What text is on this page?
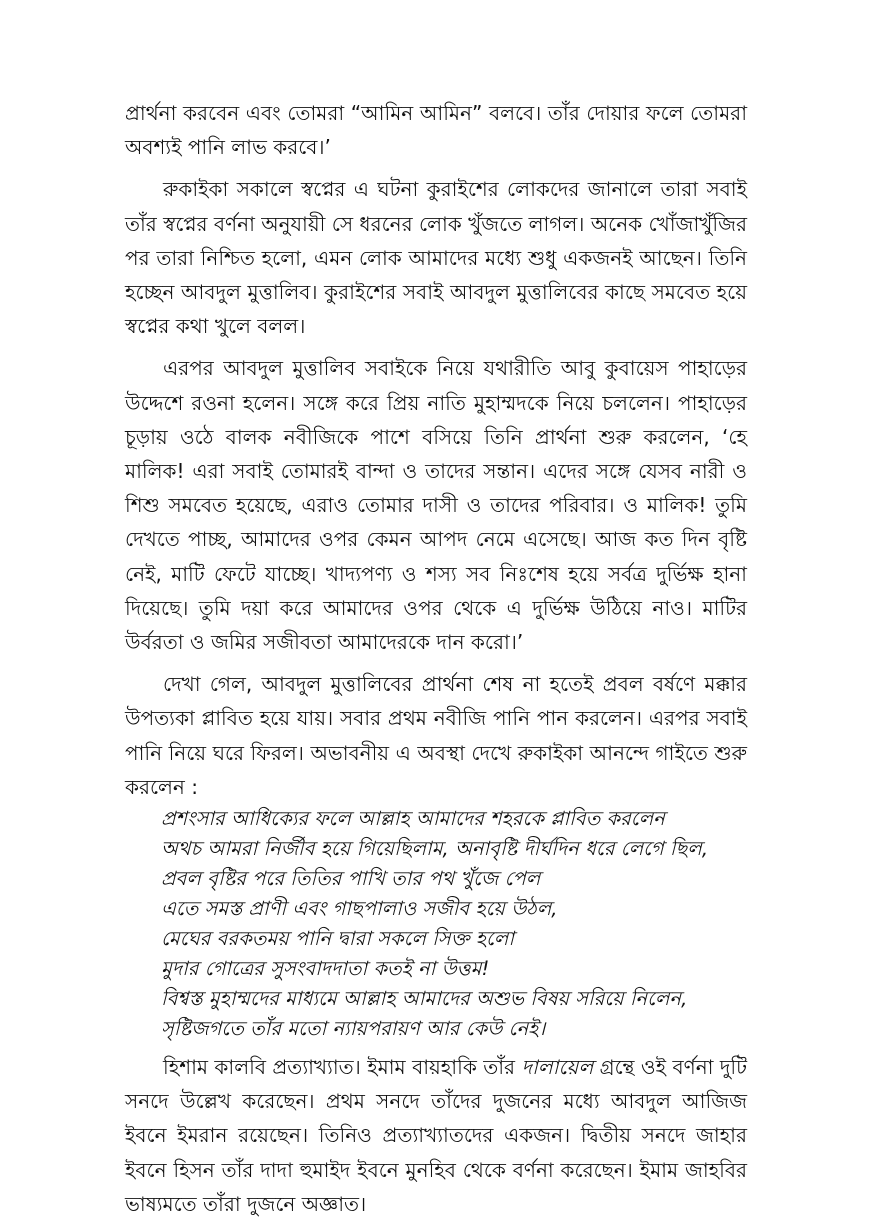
প্রার্থনা করবেন এবং তোমরা “আমিন আমিন” বলবে। তাঁর দোয়ার ফলে তোমরা অবশ্যই পানি লাভ করবে।’

রুকাইকা সকালে স্বপ্নের এ ঘটনা কুরাইশের লোকদের জানালে তারা সবাই তাঁর স্বপ্নের বর্ণনা অনুযায়ী সে ধরনের লোক খুঁজতে লাগল। অনেক খোঁজাখুঁজির পর তারা নিশ্চিত হলো, এমন লোক আমাদের মধ্যে শুধু একজনই আছেন। তিনি হচ্ছেন আবদুল মুত্তালিব। কুরাইশের সবাই আবদুল মুত্তালিবের কাছে সমবেত হয়ে স্বপ্নের কথা খুলে বলল।

এরপর আবদুল মুত্তালিব সবাইকে নিয়ে যথারীতি আবু কুবায়েস পাহাড়ের উদ্দেশে রওনা হলেন। সঙ্গে করে প্রিয় নাতি মুহাম্মদকে নিয়ে চললেন। পাহাড়ের চূড়ায় ওঠে বালক নবীজিকে পাশে বসিয়ে তিনি প্রার্থনা শুরু করলেন, ‘হে মালিক! এরা সবাই তোমারই বান্দা ও তাদের সন্তান। এদের সঙ্গে যেসব নারী ও শিশু সমবেত হয়েছে, এরাও তোমার দাসী ও তাদের পরিবার। ও মালিক! তুমি দেখতে পাচ্ছ, আমাদের ওপর কেমন আপদ নেমে এসেছে। আজ কত দিন বৃষ্টি নেই, মাটি ফেটে যাচ্ছে। খাদ্যপণ্য ও শস্য সব নিঃশেষ হয়ে সর্বত্র দুর্ভিক্ষ হানা দিয়েছে। তুমি দয়া করে আমাদের ওপর থেকে এ দুর্ভিক্ষ উঠিয়ে নাও। মাটির উর্বরতা ও জমির সজীবতা আমাদেরকে দান করো।’

দেখা গেল, আবদুল মুত্তালিবের প্রার্থনা শেষ না হতেই প্রবল বর্ষণে মক্কার উপত্যকা প্লাবিত হয়ে যায়। সবার প্রথম নবীজি পানি পান করলেন। এরপর সবাই পানি নিয়ে ঘরে ফিরল। অভাবনীয় এ অবস্থা দেখে রুকাইকা আনন্দে গাইতে শুরু করলেন :

প্রশংসার আধিক্যের ফলে আল্লাহ আমাদের শহরকে প্লাবিত করলেন
অথচ আমরা নির্জীব হয়ে গিয়েছিলাম, অনাবৃষ্টি দীর্ঘদিন ধরে লেগে ছিল,
প্রবল বৃষ্টির পরে তিতির পাখি তার পথ খুঁজে পেল
এতে সমস্ত প্রাণী এবং গাছপালাও সজীব হয়ে উঠল,
মেঘের বরকতময় পানি দ্বারা সকলে সিক্ত হলো
মুদার গোত্রের সুসংবাদদাতা কতই না উত্তম!
বিশ্বস্ত মুহাম্মদের মাধ্যমে আল্লাহ আমাদের অশুভ বিষয় সরিয়ে নিলেন,
সৃষ্টিজগতে তাঁর মতো ন্যায়পরায়ণ আর কেউ নেই।

হিশাম কালবি প্রত্যাখ্যাত। ইমাম বায়হাকি তাঁর দালায়েল গ্রন্থে ওই বর্ণনা দুটি সনদে উল্লেখ করেছেন। প্রথম সনদে তাঁদের দুজনের মধ্যে আবদুল আজিজ ইবনে ইমরান রয়েছেন। তিনিও প্রত্যাখ্যাতদের একজন। দ্বিতীয় সনদে জাহার ইবনে হিসন তাঁর দাদা হুমাইদ ইবনে মুনহিব থেকে বর্ণনা করেছেন। ইমাম জাহবির ভাষ্যমতে তাঁরা দুজনে অজ্ঞাত।
